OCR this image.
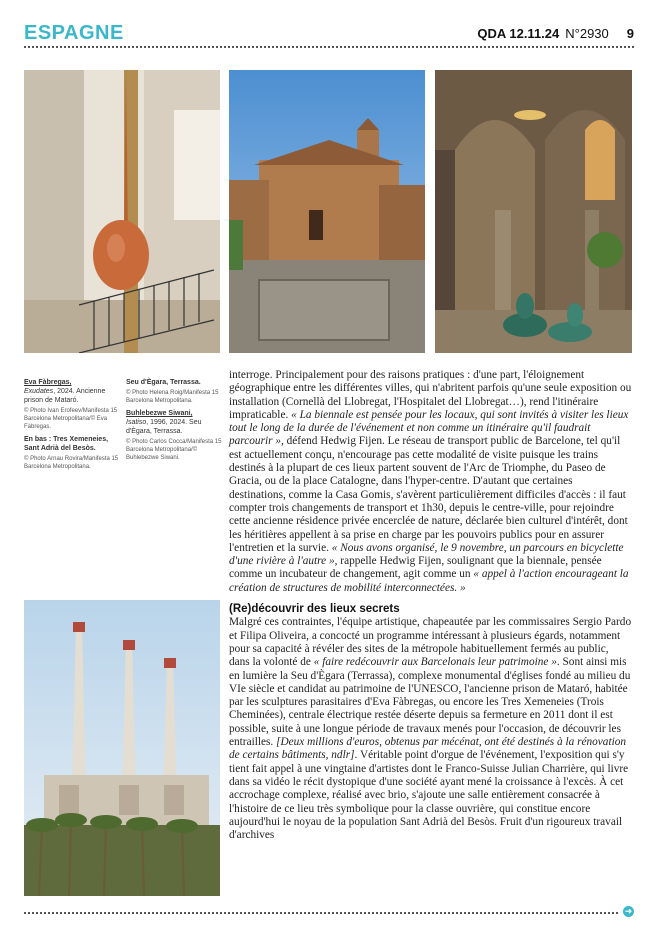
ESPAGNE	QDA 12.11.24 N°2930 9
Eva Fàbregas,
Exudates, 2024. Ancienne prison de Mataró.
© Photo Ivan Erofeev/Manifesta 15 Barcelona Metropolitana/© Eva Fàbregas.
En bas : Tres Xemeneies, Sant Adrià del Besòs.
© Photo Arnau Rovira/Manifesta 15 Barcelona Metropolitana.
Seu d'Ègara, Terrassa.
© Photo Helena Roig/Manifesta 15 Barcelona Metropolitana.
Buhlebezwe Siwani,
Isatiso, 1996, 2024. Seu d'Ègara, Terrassa.
© Photo Carlos Cocca/Manifesta 15 Barcelona Metropolitana/© Buhlebezwe Siwani.

interroge. Principalement pour des raisons pratiques : d'une part, l'éloignement géographique entre les différentes villes, qui n'abritent parfois qu'une seule exposition ou installation (Cornellà del Llobregat, l'Hospitalet del Llobregat…), rend l'itinéraire impraticable. « La biennale est pensée pour les locaux, qui sont invités à visiter les lieux tout le long de la durée de l'événement et non comme un itinéraire qu'il faudrait parcourir », défend Hedwig Fijen. Le réseau de transport public de Barcelone, tel qu'il est actuellement conçu, n'encourage pas cette modalité de visite puisque les trains destinés à la plupart de ces lieux partent souvent de l'Arc de Triomphe, du Paseo de Gracia, ou de la place Catalogne, dans l'hyper-centre. D'autant que certaines destinations, comme la Casa Gomis, s'avèrent particulièrement difficiles d'accès : il faut compter trois changements de transport et 1h30, depuis le centre-ville, pour rejoindre cette ancienne résidence privée encerclée de nature, déclarée bien culturel d'intérêt, dont les héritières appellent à sa prise en charge par les pouvoirs publics pour en assurer l'entretien et la survie. « Nous avons organisé, le 9 novembre, un parcours en bicyclette d'une rivière à l'autre », rappelle Hedwig Fijen, soulignant que la biennale, pensée comme un incubateur de changement, agit comme un « appel à l'action encourageant la création de structures de mobilité interconnectées. »

(Re)découvrir des lieux secrets

Malgré ces contraintes, l'équipe artistique, chapeautée par les commissaires Sergio Pardo et Filipa Oliveira, a concocté un programme intéressant à plusieurs égards, notamment pour sa capacité à révéler des sites de la métropole habituellement fermés au public, dans la volonté de « faire redécouvrir aux Barcelonais leur patrimoine ». Sont ainsi mis en lumière la Seu d'Ègara (Terrassa), complexe monumental d'églises fondé au milieu du VIe siècle et candidat au patrimoine de l'UNESCO, l'ancienne prison de Mataró, habitée par les sculptures parasitaires d'Eva Fàbregas, ou encore les Tres Xemeneies (Trois Cheminées), centrale électrique restée déserte depuis sa fermeture en 2011 dont il est possible, suite à une longue période de travaux menés pour l'occasion, de découvrir les entrailles. [Deux millions d'euros, obtenus par mécénat, ont été destinés à la rénovation de certains bâtiments, ndlr]. Véritable point d'orgue de l'événement, l'exposition qui s'y tient fait appel à une vingtaine d'artistes dont le Franco-Suisse Julian Charrière, qui livre dans sa vidéo le récit dystopique d'une société ayant mené la croissance à l'excès. À cet accrochage complexe, réalisé avec brio, s'ajoute une salle entièrement consacrée à l'histoire de ce lieu très symbolique pour la classe ouvrière, qui constitue encore aujourd'hui le noyau de la population Sant Adrià del Besòs. Fruit d'un rigoureux travail d'archives

➜
